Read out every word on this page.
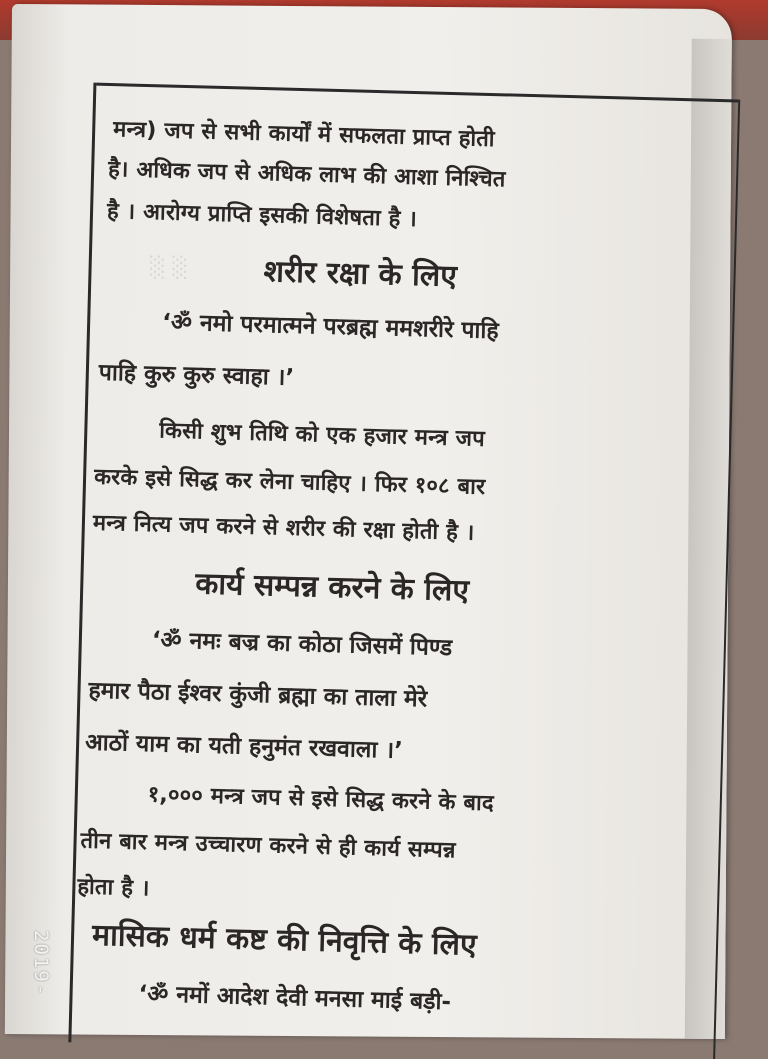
░ ░
मन्त्र) जप से सभी कार्यों में सफलता प्राप्त होती
है। अधिक जप से अधिक लाभ की आशा निश्चित
है । आरोग्य प्राप्ति इसकी विशेषता है ।
शरीर रक्षा के लिए
‘ॐ नमो परमात्मने परब्रह्म ममशरीरे पाहि
पाहि कुरु कुरु स्वाहा ।’
किसी शुभ तिथि को एक हजार मन्त्र जप
करके इसे सिद्ध कर लेना चाहिए । फिर १०८ बार
मन्त्र नित्य जप करने से शरीर की रक्षा होती है ।
कार्य सम्पन्न करने के लिए
‘ॐ नमः बज्र का कोठा जिसमें पिण्ड
हमार पैठा ईश्वर कुंजी ब्रह्मा का ताला मेरे
आठों याम का यती हनुमंत रखवाला ।’
१,००० मन्त्र जप से इसे सिद्ध करने के बाद
तीन बार मन्त्र उच्चारण करने से ही कार्य सम्पन्न
होता है ।
मासिक धर्म कष्ट की निवृत्ति के लिए
‘ॐ नमों आदेश देवी मनसा माई बड़ी-
2019-
